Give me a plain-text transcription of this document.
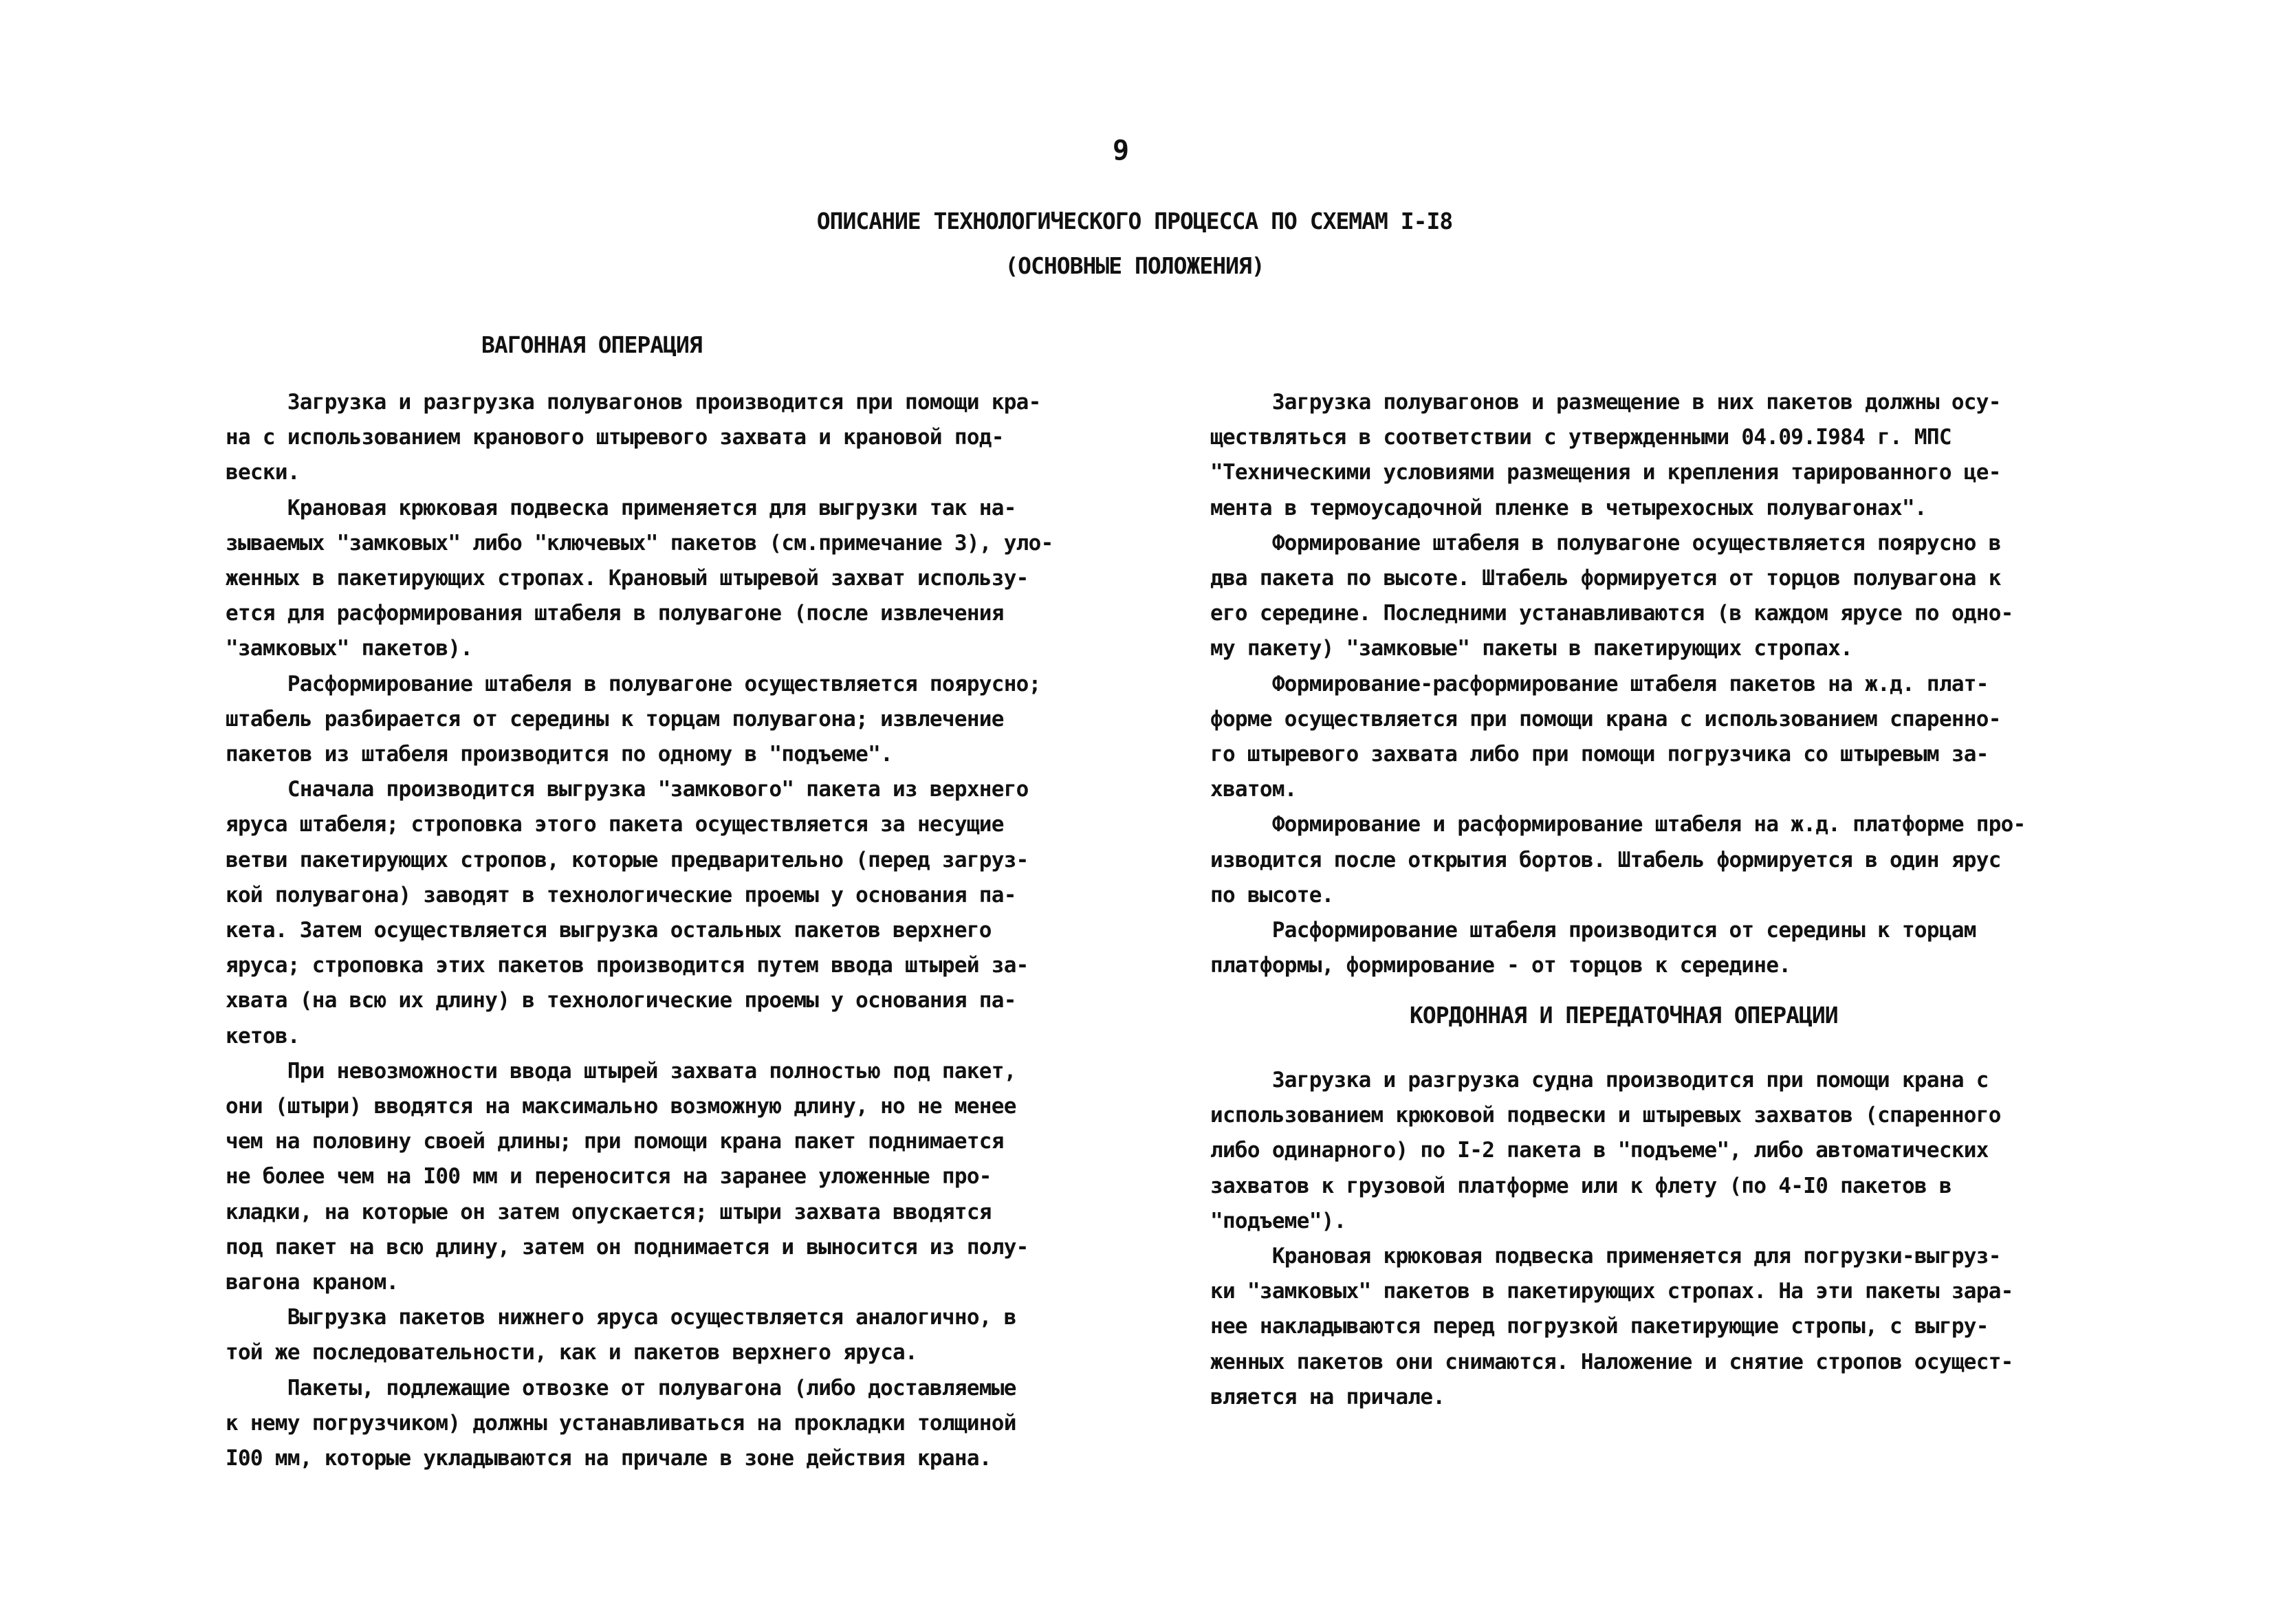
9
ОПИСАНИЕ ТЕХНОЛОГИЧЕСКОГО ПРОЦЕССА ПО СХЕМАМ I-I8
(ОСНОВНЫЕ ПОЛОЖЕНИЯ)
ВАГОННАЯ ОПЕРАЦИЯ

Загрузка и разгрузка полувагонов производится при помощи кра-
на с использованием кранового штыревого захвата и крановой под-
вески.
Крановая крюковая подвеска применяется для выгрузки так на-
зываемых "замковых" либо "ключевых" пакетов (см.примечание 3), уло-
женных в пакетирующих стропах. Крановый штыревой захват использу-
ется для расформирования штабеля в полувагоне (после извлечения
"замковых" пакетов).
Расформирование штабеля в полувагоне осуществляется поярусно;
штабель разбирается от середины к торцам полувагона; извлечение
пакетов из штабеля производится по одному в "подъеме".
Сначала производится выгрузка "замкового" пакета из верхнего
яруса штабеля; строповка этого пакета осуществляется за несущие
ветви пакетирующих стропов, которые предварительно (перед загруз-
кой полувагона) заводят в технологические проемы у основания па-
кета. Затем осуществляется выгрузка остальных пакетов верхнего
яруса; строповка этих пакетов производится путем ввода штырей за-
хвата (на всю их длину) в технологические проемы у основания па-
кетов.
При невозможности ввода штырей захвата полностью под пакет,
они (штыри) вводятся на максимально возможную длину, но не менее
чем на половину своей длины; при помощи крана пакет поднимается
не более чем на I00 мм и переносится на заранее уложенные про-
кладки, на которые он затем опускается; штыри захвата вводятся
под пакет на всю длину, затем он поднимается и выносится из полу-
вагона краном.
Выгрузка пакетов нижнего яруса осуществляется аналогично, в
той же последовательности, как и пакетов верхнего яруса.
Пакеты, подлежащие отвозке от полувагона (либо доставляемые
к нему погрузчиком) должны устанавливаться на прокладки толщиной
I00 мм, которые укладываются на причале в зоне действия крана.

Загрузка полувагонов и размещение в них пакетов должны осу-
ществляться в соответствии с утвержденными 04.09.I984 г. МПС
"Техническими условиями размещения и крепления тарированного це-
мента в термоусадочной пленке в четырехосных полувагонах".
Формирование штабеля в полувагоне осуществляется поярусно в
два пакета по высоте. Штабель формируется от торцов полувагона к
его середине. Последними устанавливаются (в каждом ярусе по одно-
му пакету) "замковые" пакеты в пакетирующих стропах.
Формирование-расформирование штабеля пакетов на ж.д. плат-
форме осуществляется при помощи крана с использованием спаренно-
го штыревого захвата либо при помощи погрузчика со штыревым за-
хватом.
Формирование и расформирование штабеля на ж.д. платформе про-
изводится после открытия бортов. Штабель формируется в один ярус
по высоте.
Расформирование штабеля производится от середины к торцам
платформы, формирование - от торцов к середине.

КОРДОННАЯ И ПЕРЕДАТОЧНАЯ ОПЕРАЦИИ

Загрузка и разгрузка судна производится при помощи крана с
использованием крюковой подвески и штыревых захватов (спаренного
либо одинарного) по I-2 пакета в "подъеме", либо автоматических
захватов к грузовой платформе или к флету (по 4-I0 пакетов в
"подъеме").
Крановая крюковая подвеска применяется для погрузки-выгруз-
ки "замковых" пакетов в пакетирующих стропах. На эти пакеты зара-
нее накладываются перед погрузкой пакетирующие стропы, с выгру-
женных пакетов они снимаются. Наложение и снятие стропов осущест-
вляется на причале.
